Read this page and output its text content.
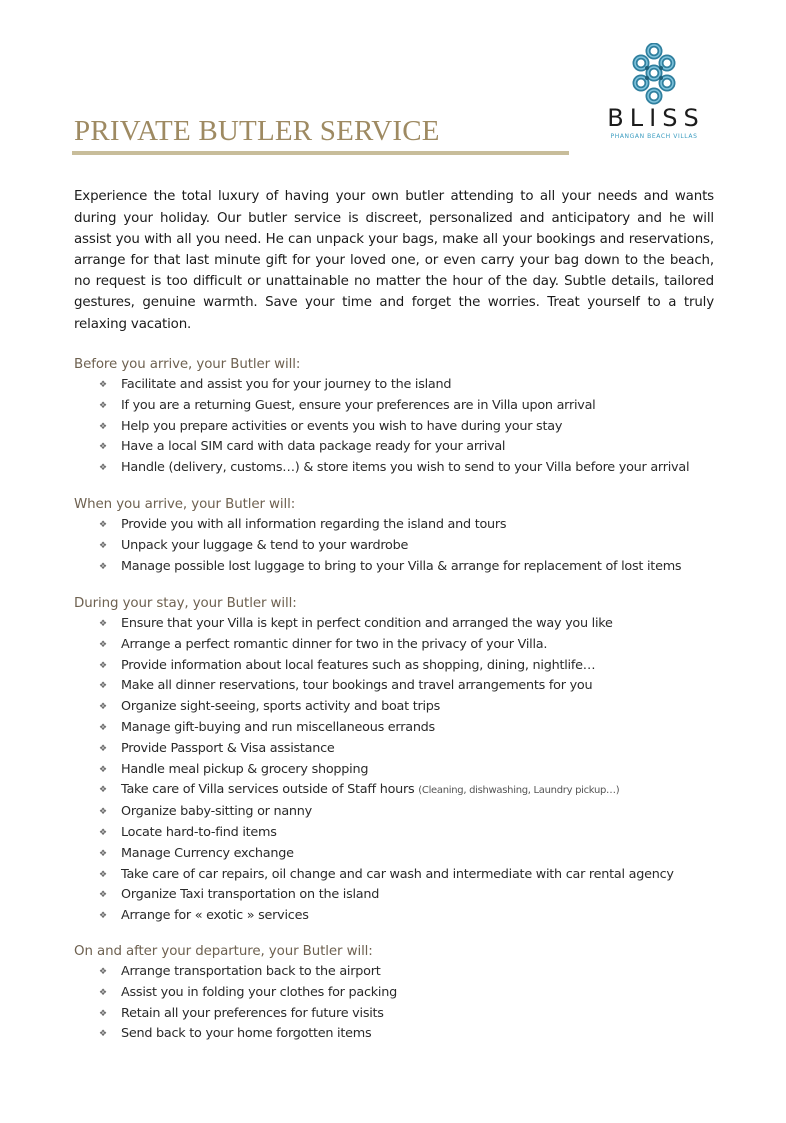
BLISS
PHANGAN BEACH VILLAS
PRIVATE BUTLER SERVICE

Experience the total luxury of having your own butler attending to all your needs and wants during your holiday. Our butler service is discreet, personalized and anticipatory and he will assist you with all you need. He can unpack your bags, make all your bookings and reservations, arrange for that last minute gift for your loved one, or even carry your bag down to the beach, no request is too difficult or unattainable no matter the hour of the day. Subtle details, tailored gestures, genuine warmth. Save your time and forget the worries. Treat yourself to a truly relaxing vacation.

Before you arrive, your Butler will:
❖ Facilitate and assist you for your journey to the island
❖ If you are a returning Guest, ensure your preferences are in Villa upon arrival
❖ Help you prepare activities or events you wish to have during your stay
❖ Have a local SIM card with data package ready for your arrival
❖ Handle (delivery, customs…) & store items you wish to send to your Villa before your arrival
When you arrive, your Butler will:
❖ Provide you with all information regarding the island and tours
❖ Unpack your luggage & tend to your wardrobe
❖ Manage possible lost luggage to bring to your Villa & arrange for replacement of lost items
During your stay, your Butler will:
❖ Ensure that your Villa is kept in perfect condition and arranged the way you like
❖ Arrange a perfect romantic dinner for two in the privacy of your Villa.
❖ Provide information about local features such as shopping, dining, nightlife…
❖ Make all dinner reservations, tour bookings and travel arrangements for you
❖ Organize sight-seeing, sports activity and boat trips
❖ Manage gift-buying and run miscellaneous errands
❖ Provide Passport & Visa assistance
❖ Handle meal pickup & grocery shopping
❖ Take care of Villa services outside of Staff hours (Cleaning, dishwashing, Laundry pickup…)
❖ Organize baby-sitting or nanny
❖ Locate hard-to-find items
❖ Manage Currency exchange
❖ Take care of car repairs, oil change and car wash and intermediate with car rental agency
❖ Organize Taxi transportation on the island
❖ Arrange for « exotic » services
On and after your departure, your Butler will:
❖ Arrange transportation back to the airport
❖ Assist you in folding your clothes for packing
❖ Retain all your preferences for future visits
❖ Send back to your home forgotten items
